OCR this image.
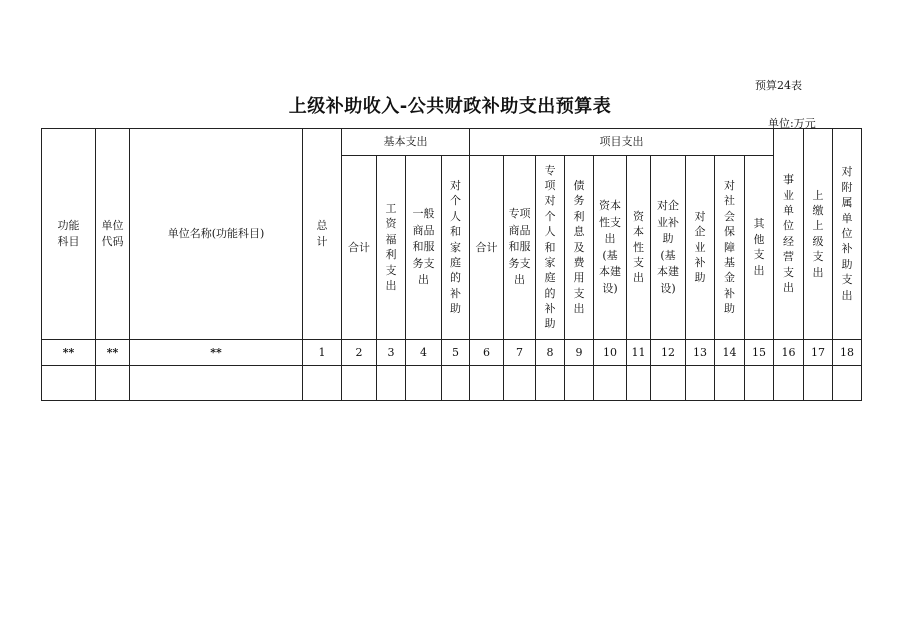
预算24表
上级补助收入-公共财政补助支出预算表
单位:万元
功能科目	单位代码	单位名称(功能科目)	总计	基本支出				项目支出										事业单位经营支出	上缴上级支出	对附属单位补助支出
				合计	工资福利支出	一般商品和服务支出	对个人和家庭的补助	合计	专项商品和服务支出	专项对个人和家庭的补助	债务利息及费用支出	资本性支出(基本建设)	资本性支出	对企业补助(基本建设)	对企业补助	对社会保障基金补助	其他支出			
**	**	**	1	2	3	4	5	6	7	8	9	10	11	12	13	14	15	16	17	18
